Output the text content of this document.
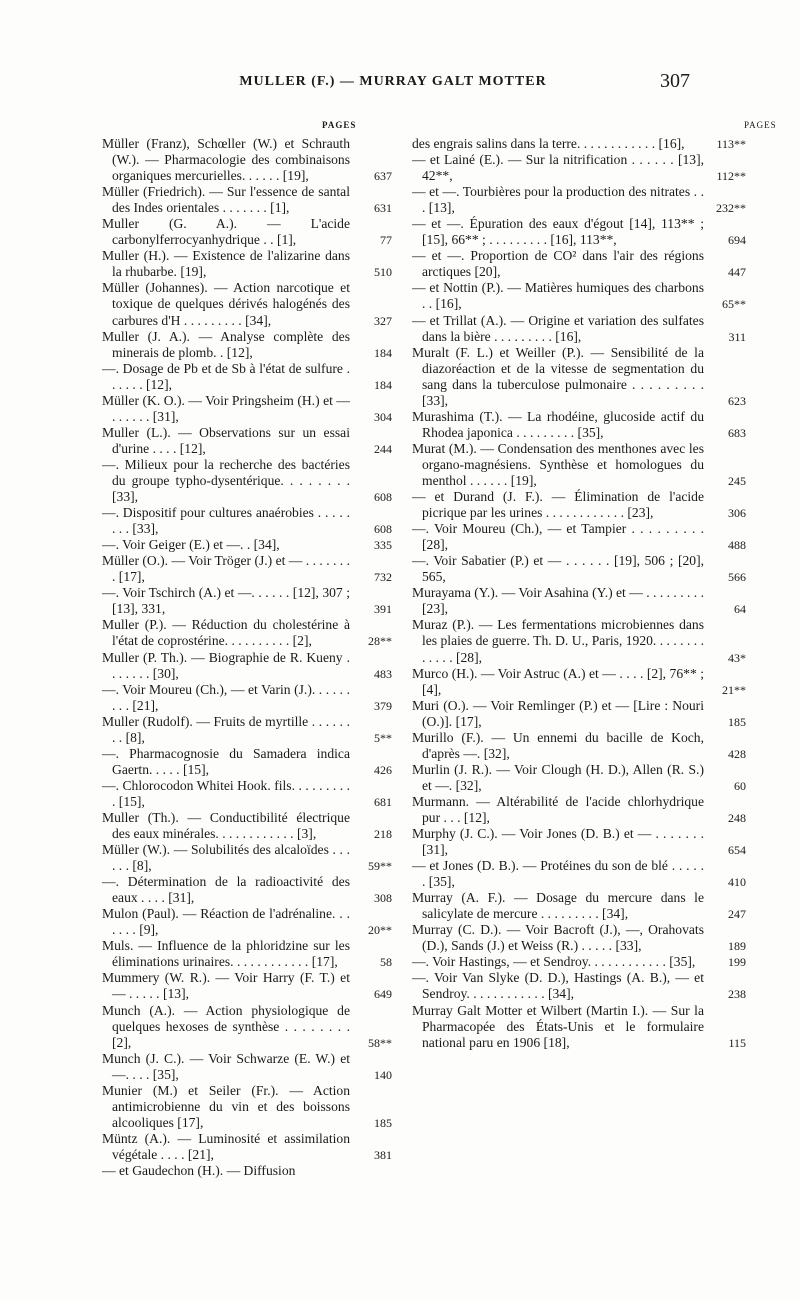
MULLER (F.) — MURRAY GALT MOTTER	307
PAGES	PAGES
Müller (Franz), Schœller (W.) et Schrauth (W.). — Pharmacologie des combinaisons organiques mercurielles. . . . . . [19],	637
Müller (Friedrich). — Sur l'essence de santal des Indes orientales . . . . . . . [1],	631
Muller (G. A.). — L'acide carbonylferrocyanhydrique . . [1],	77
Muller (H.). — Existence de l'alizarine dans la rhubarbe. [19],	510
Müller (Johannes). — Action narcotique et toxique de quelques dérivés halogénés des carbures d'H . . . . . . . . . [34],	327
Muller (J. A.). — Analyse complète des minerais de plomb. . [12],	184
—. Dosage de Pb et de Sb à l'état de sulfure . . . . . . [12],	184
Müller (K. O.). — Voir Pringsheim (H.) et — . . . . . . [31],	304
Muller (L.). — Observations sur un essai d'urine . . . . [12],	244
—. Milieux pour la recherche des bactéries du groupe typho-dysentérique. . . . . . . . [33],	608
—. Dispositif pour cultures anaérobies . . . . . . . . [33],	608
—. Voir Geiger (E.) et —. . [34],	335
Müller (O.). — Voir Tröger (J.) et — . . . . . . . . [17],	732
—. Voir Tschirch (A.) et —. . . . . . [12], 307 ; [13], 331,	391
Muller (P.). — Réduction du cholestérine à l'état de coprostérine. . . . . . . . . . [2],	28**
Muller (P. Th.). — Biographie de R. Kueny . . . . . . . [30],	483
—. Voir Moureu (Ch.), — et Varin (J.). . . . . . . . . [21],	379
Muller (Rudolf). — Fruits de myrtille . . . . . . . . [8],	5**
—. Pharmacognosie du Samadera indica Gaertn. . . . . [15],	426
—. Chlorocodon Whitei Hook. fils. . . . . . . . . . [15],	681
Muller (Th.). — Conductibilité électrique des eaux minérales. . . . . . . . . . . . [3],	218
Müller (W.). — Solubilités des alcaloïdes . . . . . . [8],	59**
—. Détermination de la radioactivité des eaux . . . . [31],	308
Mulon (Paul). — Réaction de l'adrénaline. . . . . . . [9],	20**
Muls. — Influence de la phloridzine sur les éliminations urinaires. . . . . . . . . . . . [17],	58
Mummery (W. R.). — Voir Harry (F. T.) et — . . . . . [13],	649
Munch (A.). — Action physiologique de quelques hexoses de synthèse . . . . . . . . [2],	58**
Munch (J. C.). — Voir Schwarze (E. W.) et —. . . . [35],	140
Munier (M.) et Seiler (Fr.). — Action antimicrobienne du vin et des boissons alcooliques [17],	185
Müntz (A.). — Luminosité et assimilation végétale . . . . [21],	381
— et Gaudechon (H.). — Diffusion
des engrais salins dans la terre. . . . . . . . . . . . [16],	113**
— et Lainé (E.). — Sur la nitrification . . . . . . [13], 42**,	112**
— et —. Tourbières pour la production des nitrates . . . [13],	232**
— et —. Épuration des eaux d'égout [14], 113** ; [15], 66** ; . . . . . . . . . [16], 113**,	694
— et —. Proportion de CO² dans l'air des régions arctiques [20],	447
— et Nottin (P.). — Matières humiques des charbons . . [16],	65**
— et Trillat (A.). — Origine et variation des sulfates dans la bière . . . . . . . . . [16],	311
Muralt (F. L.) et Weiller (P.). — Sensibilité de la diazoréaction et de la vitesse de segmentation du sang dans la tuberculose pulmonaire . . . . . . . . . [33],	623
Murashima (T.). — La rhodéine, glucoside actif du Rhodea japonica . . . . . . . . . [35],	683
Murat (M.). — Condensation des menthones avec les organo-magnésiens. Synthèse et homologues du menthol . . . . . . [19],	245
— et Durand (J. F.). — Élimination de l'acide picrique par les urines . . . . . . . . . . . . [23],	306
—. Voir Moureu (Ch.), — et Tampier . . . . . . . . . [28],	488
—. Voir Sabatier (P.) et — . . . . . . [19], 506 ; [20], 565,	566
Murayama (Y.). — Voir Asahina (Y.) et — . . . . . . . . . [23],	64
Muraz (P.). — Les fermentations microbiennes dans les plaies de guerre. Th. D. U., Paris, 1920. . . . . . . . . . . . . [28],	43*
Murco (H.). — Voir Astruc (A.) et — . . . . [2], 76** ; [4],	21**
Muri (O.). — Voir Remlinger (P.) et — [Lire : Nouri (O.)]. [17],	185
Murillo (F.). — Un ennemi du bacille de Koch, d'après —. [32],	428
Murlin (J. R.). — Voir Clough (H. D.), Allen (R. S.) et —. [32],	60
Murmann. — Altérabilité de l'acide chlorhydrique pur . . . [12],	248
Murphy (J. C.). — Voir Jones (D. B.) et — . . . . . . . [31],	654
— et Jones (D. B.). — Protéines du son de blé . . . . . . [35],	410
Murray (A. F.). — Dosage du mercure dans le salicylate de mercure . . . . . . . . . [34],	247
Murray (C. D.). — Voir Bacroft (J.), —, Orahovats (D.), Sands (J.) et Weiss (R.) . . . . . [33],	189
—. Voir Hastings, — et Sendroy. . . . . . . . . . . . [35],	199
—. Voir Van Slyke (D. D.), Hastings (A. B.), — et Sendroy. . . . . . . . . . . . [34],	238
Murray Galt Motter et Wilbert (Martin I.). — Sur la Pharmacopée des États-Unis et le formulaire national paru en 1906 [18],	115
